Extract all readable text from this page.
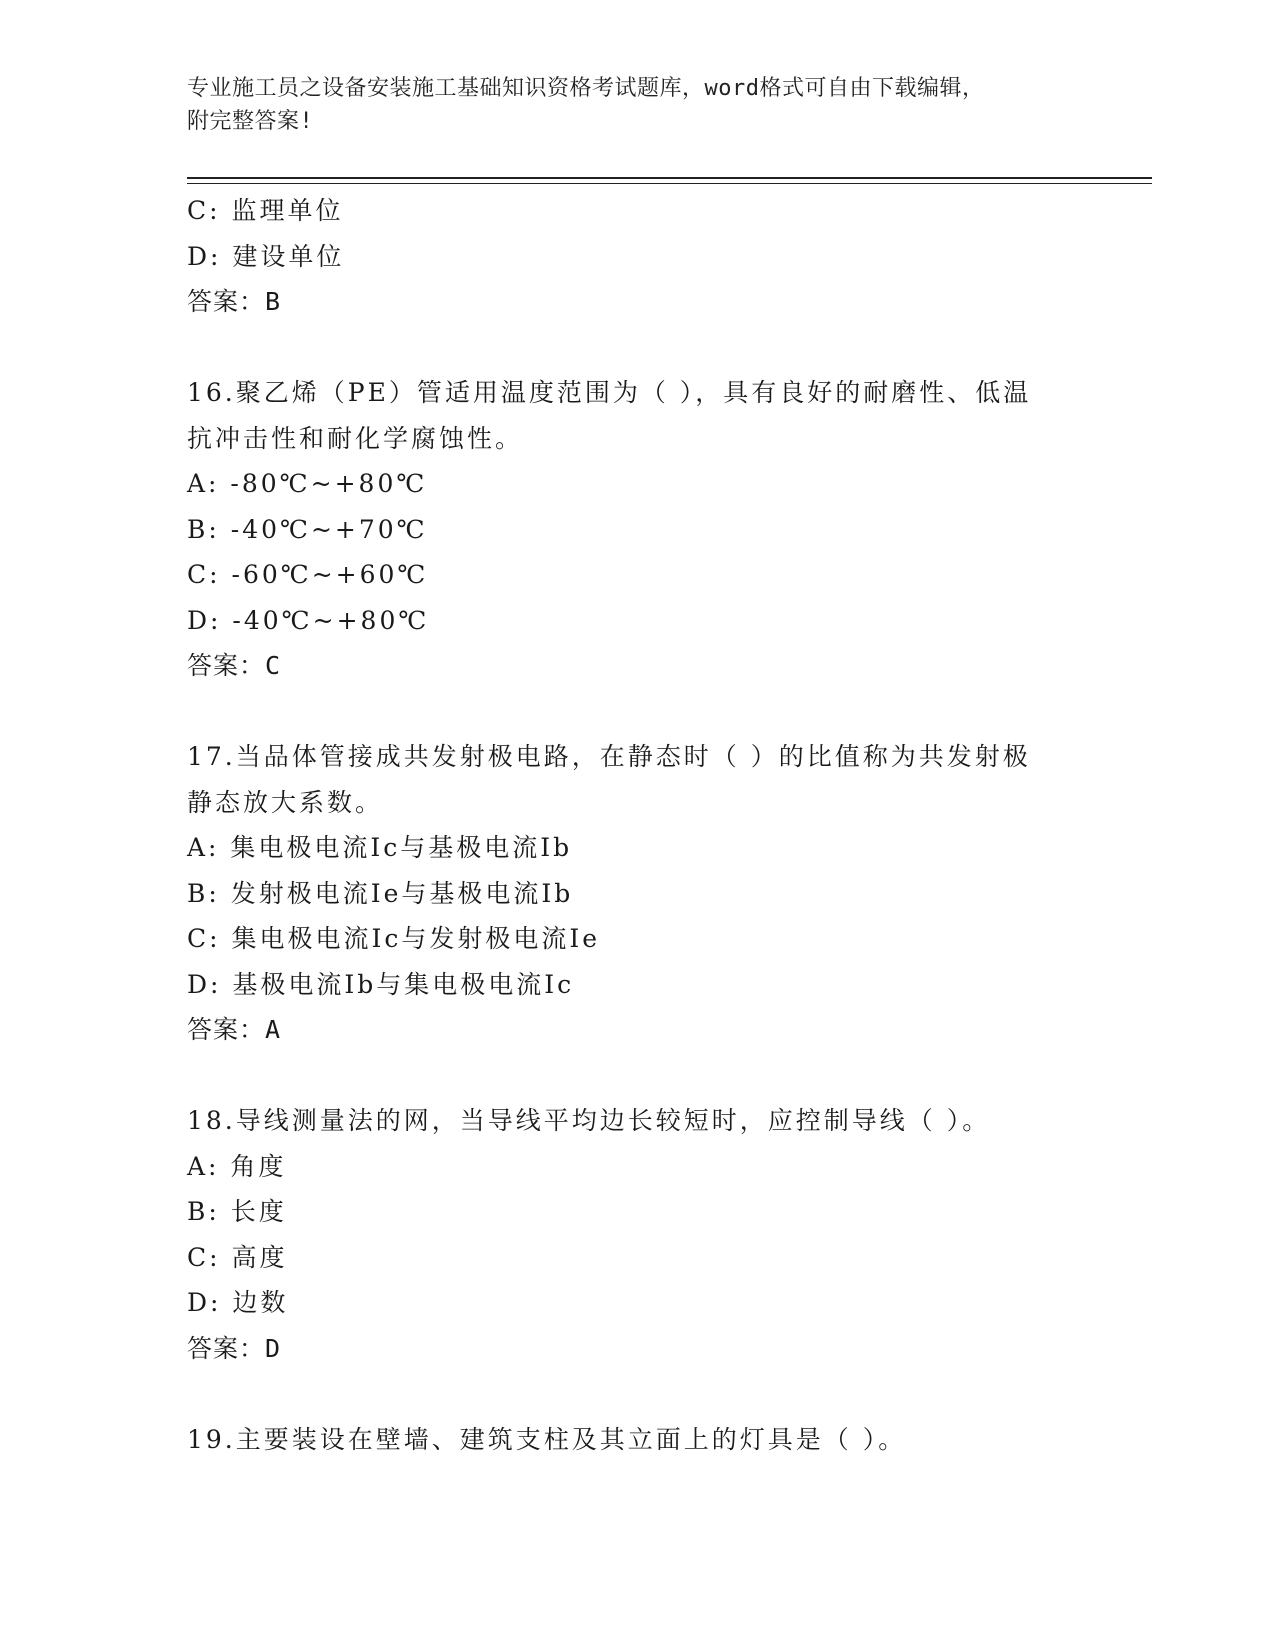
专业施工员之设备安装施工基础知识资格考试题库，word格式可自由下载编辑，
附完整答案!
C: 监理单位
D: 建设单位
答案：B
16.聚乙烯（PE）管适用温度范围为（ ），具有良好的耐磨性、低温
抗冲击性和耐化学腐蚀性。
A: -80℃~+80℃
B: -40℃~+70℃
C: -60℃~+60℃
D: -40℃~+80℃
答案：C
17.当品体管接成共发射极电路，在静态时（ ）的比值称为共发射极
静态放大系数。
A: 集电极电流Ic与基极电流Ib
B: 发射极电流Ie与基极电流Ib
C: 集电极电流Ic与发射极电流Ie
D: 基极电流Ib与集电极电流Ic
答案：A
18.导线测量法的网，当导线平均边长较短时，应控制导线（ ）。
A: 角度
B: 长度
C: 高度
D: 边数
答案：D
19.主要装设在壁墙、建筑支柱及其立面上的灯具是（ ）。
